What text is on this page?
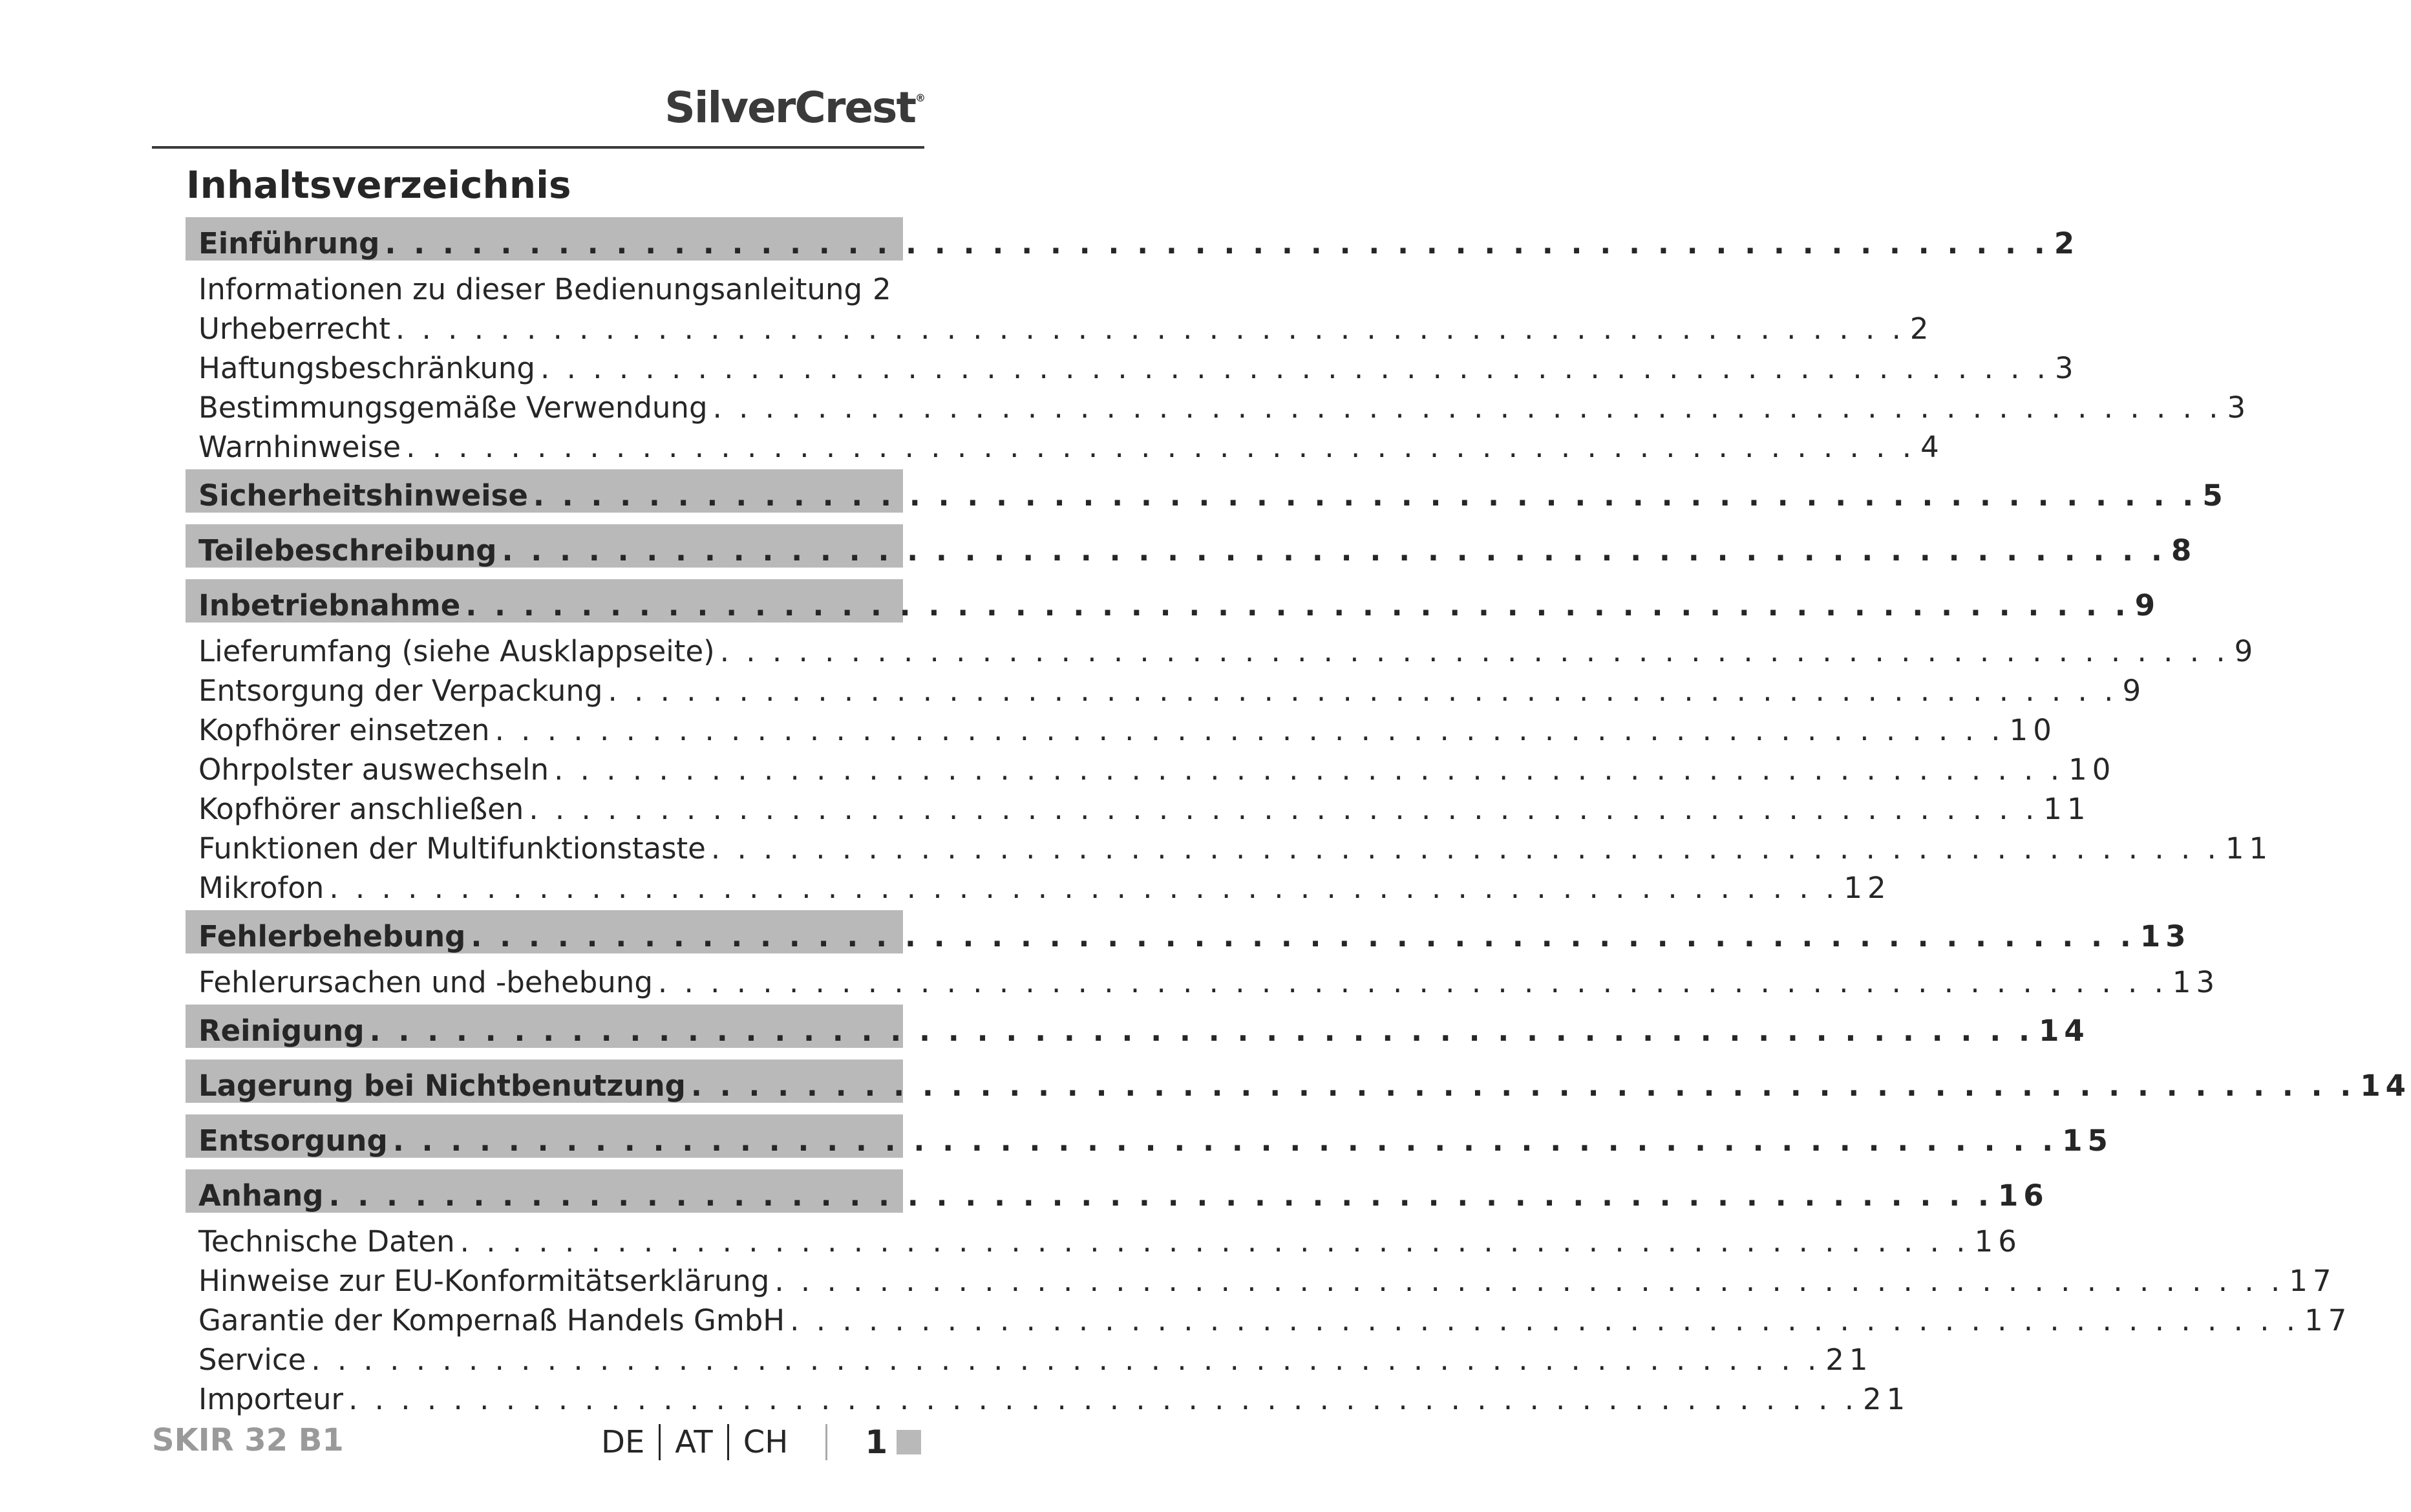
SilverCrest®
Inhaltsverzeichnis
Einführung . . . . . . . . . . . . . . . . . . . . . . . . . . . . . . . . . . . . . . . . . . . . . . . . . . . . . . . . . . 2
Informationen zu dieser Bedienungsanleitung 2
Urheberrecht . . . . . . . . . . . . . . . . . . . . . . . . . . . . . . . . . . . . . . . . . . . . . . . . . . . . . . . . . . 2
Haftungsbeschränkung . . . . . . . . . . . . . . . . . . . . . . . . . . . . . . . . . . . . . . . . . . . . . . . . . . . . . . . . . . 3
Bestimmungsgemäße Verwendung . . . . . . . . . . . . . . . . . . . . . . . . . . . . . . . . . . . . . . . . . . . . . . . . . . . . . . . . . . 3
Warnhinweise . . . . . . . . . . . . . . . . . . . . . . . . . . . . . . . . . . . . . . . . . . . . . . . . . . . . . . . . . . 4
Sicherheitshinweise . . . . . . . . . . . . . . . . . . . . . . . . . . . . . . . . . . . . . . . . . . . . . . . . . . . . . . . . . . 5
Teilebeschreibung . . . . . . . . . . . . . . . . . . . . . . . . . . . . . . . . . . . . . . . . . . . . . . . . . . . . . . . . . . 8
Inbetriebnahme . . . . . . . . . . . . . . . . . . . . . . . . . . . . . . . . . . . . . . . . . . . . . . . . . . . . . . . . . . 9
Lieferumfang (siehe Ausklappseite) . . . . . . . . . . . . . . . . . . . . . . . . . . . . . . . . . . . . . . . . . . . . . . . . . . . . . . . . . . 9
Entsorgung der Verpackung . . . . . . . . . . . . . . . . . . . . . . . . . . . . . . . . . . . . . . . . . . . . . . . . . . . . . . . . . . 9
Kopfhörer einsetzen . . . . . . . . . . . . . . . . . . . . . . . . . . . . . . . . . . . . . . . . . . . . . . . . . . . . . . . . . . 10
Ohrpolster auswechseln . . . . . . . . . . . . . . . . . . . . . . . . . . . . . . . . . . . . . . . . . . . . . . . . . . . . . . . . . . 10
Kopfhörer anschließen . . . . . . . . . . . . . . . . . . . . . . . . . . . . . . . . . . . . . . . . . . . . . . . . . . . . . . . . . . 11
Funktionen der Multifunktionstaste . . . . . . . . . . . . . . . . . . . . . . . . . . . . . . . . . . . . . . . . . . . . . . . . . . . . . . . . . . 11
Mikrofon . . . . . . . . . . . . . . . . . . . . . . . . . . . . . . . . . . . . . . . . . . . . . . . . . . . . . . . . . . 12
Fehlerbehebung . . . . . . . . . . . . . . . . . . . . . . . . . . . . . . . . . . . . . . . . . . . . . . . . . . . . . . . . . . 13
Fehlerursachen und -behebung . . . . . . . . . . . . . . . . . . . . . . . . . . . . . . . . . . . . . . . . . . . . . . . . . . . . . . . . . . 13
Reinigung . . . . . . . . . . . . . . . . . . . . . . . . . . . . . . . . . . . . . . . . . . . . . . . . . . . . . . . . . . 14
Lagerung bei Nichtbenutzung . . . . . . . . . . . . . . . . . . . . . . . . . . . . . . . . . . . . . . . . . . . . . . . . . . . . . . . . . . 14
Entsorgung . . . . . . . . . . . . . . . . . . . . . . . . . . . . . . . . . . . . . . . . . . . . . . . . . . . . . . . . . . 15
Anhang . . . . . . . . . . . . . . . . . . . . . . . . . . . . . . . . . . . . . . . . . . . . . . . . . . . . . . . . . . 16
Technische Daten . . . . . . . . . . . . . . . . . . . . . . . . . . . . . . . . . . . . . . . . . . . . . . . . . . . . . . . . . . 16
Hinweise zur EU-Konformitätserklärung . . . . . . . . . . . . . . . . . . . . . . . . . . . . . . . . . . . . . . . . . . . . . . . . . . . . . . . . . . 17
Garantie der Kompernaß Handels GmbH . . . . . . . . . . . . . . . . . . . . . . . . . . . . . . . . . . . . . . . . . . . . . . . . . . . . . . . . . . 17
Service . . . . . . . . . . . . . . . . . . . . . . . . . . . . . . . . . . . . . . . . . . . . . . . . . . . . . . . . . . 21
Importeur . . . . . . . . . . . . . . . . . . . . . . . . . . . . . . . . . . . . . . . . . . . . . . . . . . . . . . . . . . 21
SKIR 32 B1	DE AT CH 1
